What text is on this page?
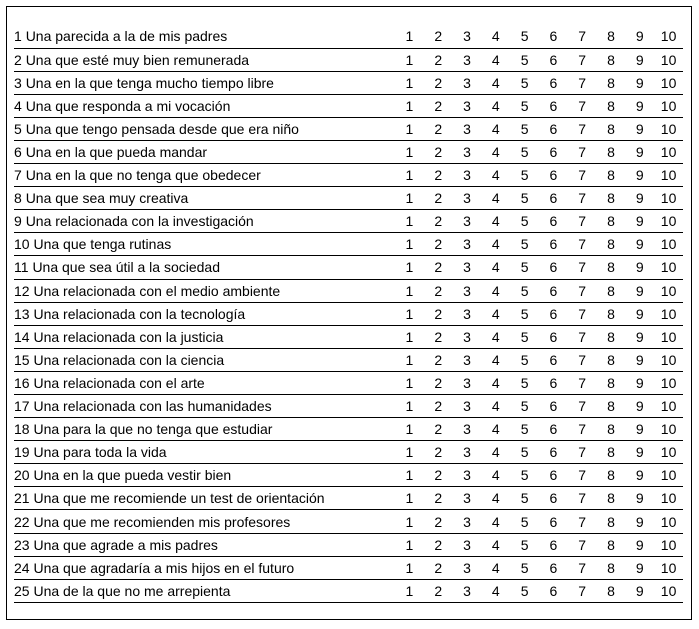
1 Una parecida a la de mis padres	1	2	3	4	5	6	7	8	9	10
2 Una que esté muy bien remunerada	1	2	3	4	5	6	7	8	9	10
3 Una en la que tenga mucho tiempo libre	1	2	3	4	5	6	7	8	9	10
4 Una que responda a mi vocación	1	2	3	4	5	6	7	8	9	10
5 Una que tengo pensada desde que era niño	1	2	3	4	5	6	7	8	9	10
6 Una en la que pueda mandar	1	2	3	4	5	6	7	8	9	10
7 Una en la que no tenga que obedecer	1	2	3	4	5	6	7	8	9	10
8 Una que sea muy creativa	1	2	3	4	5	6	7	8	9	10
9 Una relacionada con la investigación	1	2	3	4	5	6	7	8	9	10
10 Una que tenga rutinas	1	2	3	4	5	6	7	8	9	10
11 Una que sea útil a la sociedad	1	2	3	4	5	6	7	8	9	10
12 Una relacionada con el medio ambiente	1	2	3	4	5	6	7	8	9	10
13 Una relacionada con la tecnología	1	2	3	4	5	6	7	8	9	10
14 Una relacionada con la justicia	1	2	3	4	5	6	7	8	9	10
15 Una relacionada con la ciencia	1	2	3	4	5	6	7	8	9	10
16 Una relacionada con el arte	1	2	3	4	5	6	7	8	9	10
17 Una relacionada con las humanidades	1	2	3	4	5	6	7	8	9	10
18 Una para la que no tenga que estudiar	1	2	3	4	5	6	7	8	9	10
19 Una para toda la vida	1	2	3	4	5	6	7	8	9	10
20 Una en la que pueda vestir bien	1	2	3	4	5	6	7	8	9	10
21 Una que me recomiende un test de orientación	1	2	3	4	5	6	7	8	9	10
22 Una que me recomienden mis profesores	1	2	3	4	5	6	7	8	9	10
23 Una que agrade a mis padres	1	2	3	4	5	6	7	8	9	10
24 Una que agradaría a mis hijos en el futuro	1	2	3	4	5	6	7	8	9	10
25 Una de la que no me arrepienta	1	2	3	4	5	6	7	8	9	10
